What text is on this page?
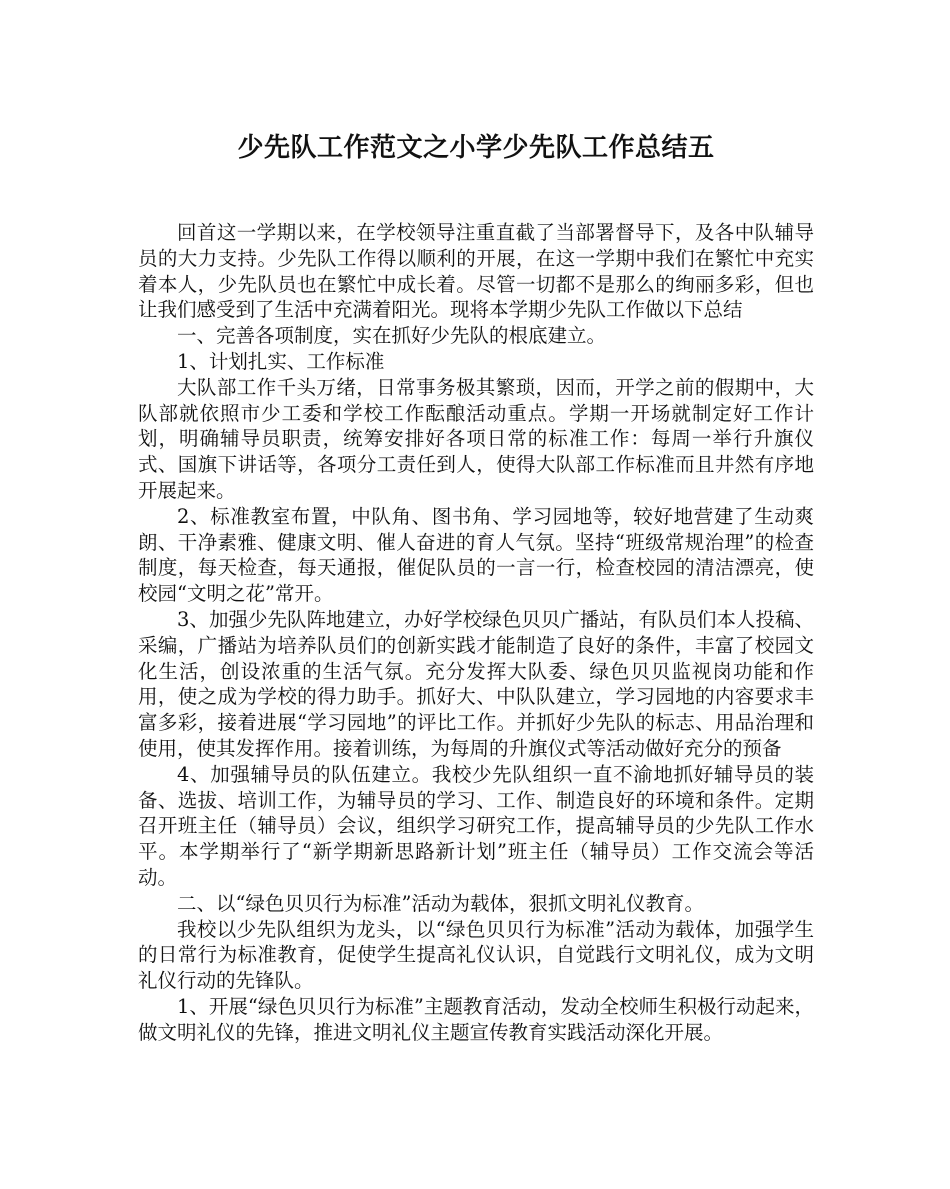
少先队工作范文之小学少先队工作总结五

回首这一学期以来，在学校领导注重直截了当部署督导下，及各中队辅导员的大力支持。少先队工作得以顺利的开展，在这一学期中我们在繁忙中充实着本人，少先队员也在繁忙中成长着。尽管一切都不是那么的绚丽多彩，但也让我们感受到了生活中充满着阳光。现将本学期少先队工作做以下总结

一、完善各项制度，实在抓好少先队的根底建立。

1、计划扎实、工作标准

大队部工作千头万绪，日常事务极其繁琐，因而，开学之前的假期中，大队部就依照市少工委和学校工作酝酿活动重点。学期一开场就制定好工作计划，明确辅导员职责，统筹安排好各项日常的标准工作：每周一举行升旗仪式、国旗下讲话等，各项分工责任到人，使得大队部工作标准而且井然有序地开展起来。

2、标准教室布置，中队角、图书角、学习园地等，较好地营建了生动爽朗、干净素雅、健康文明、催人奋进的育人气氛。坚持“班级常规治理”的检查制度，每天检查，每天通报，催促队员的一言一行，检查校园的清洁漂亮，使校园“文明之花”常开。

3、加强少先队阵地建立，办好学校绿色贝贝广播站，有队员们本人投稿、采编，广播站为培养队员们的创新实践才能制造了良好的条件，丰富了校园文化生活，创设浓重的生活气氛。充分发挥大队委、绿色贝贝监视岗功能和作用，使之成为学校的得力助手。抓好大、中队队建立，学习园地的内容要求丰富多彩，接着进展“学习园地”的评比工作。并抓好少先队的标志、用品治理和使用，使其发挥作用。接着训练，为每周的升旗仪式等活动做好充分的预备

4、加强辅导员的队伍建立。我校少先队组织一直不渝地抓好辅导员的装备、选拔、培训工作，为辅导员的学习、工作、制造良好的环境和条件。定期召开班主任（辅导员）会议，组织学习研究工作，提高辅导员的少先队工作水平。本学期举行了“新学期新思路新计划”班主任（辅导员）工作交流会等活动。

二、以“绿色贝贝行为标准”活动为载体，狠抓文明礼仪教育。

我校以少先队组织为龙头，以“绿色贝贝行为标准”活动为载体，加强学生的日常行为标准教育，促使学生提高礼仪认识，自觉践行文明礼仪，成为文明礼仪行动的先锋队。

1、开展“绿色贝贝行为标准”主题教育活动，发动全校师生积极行动起来，做文明礼仪的先锋，推进文明礼仪主题宣传教育实践活动深化开展。
